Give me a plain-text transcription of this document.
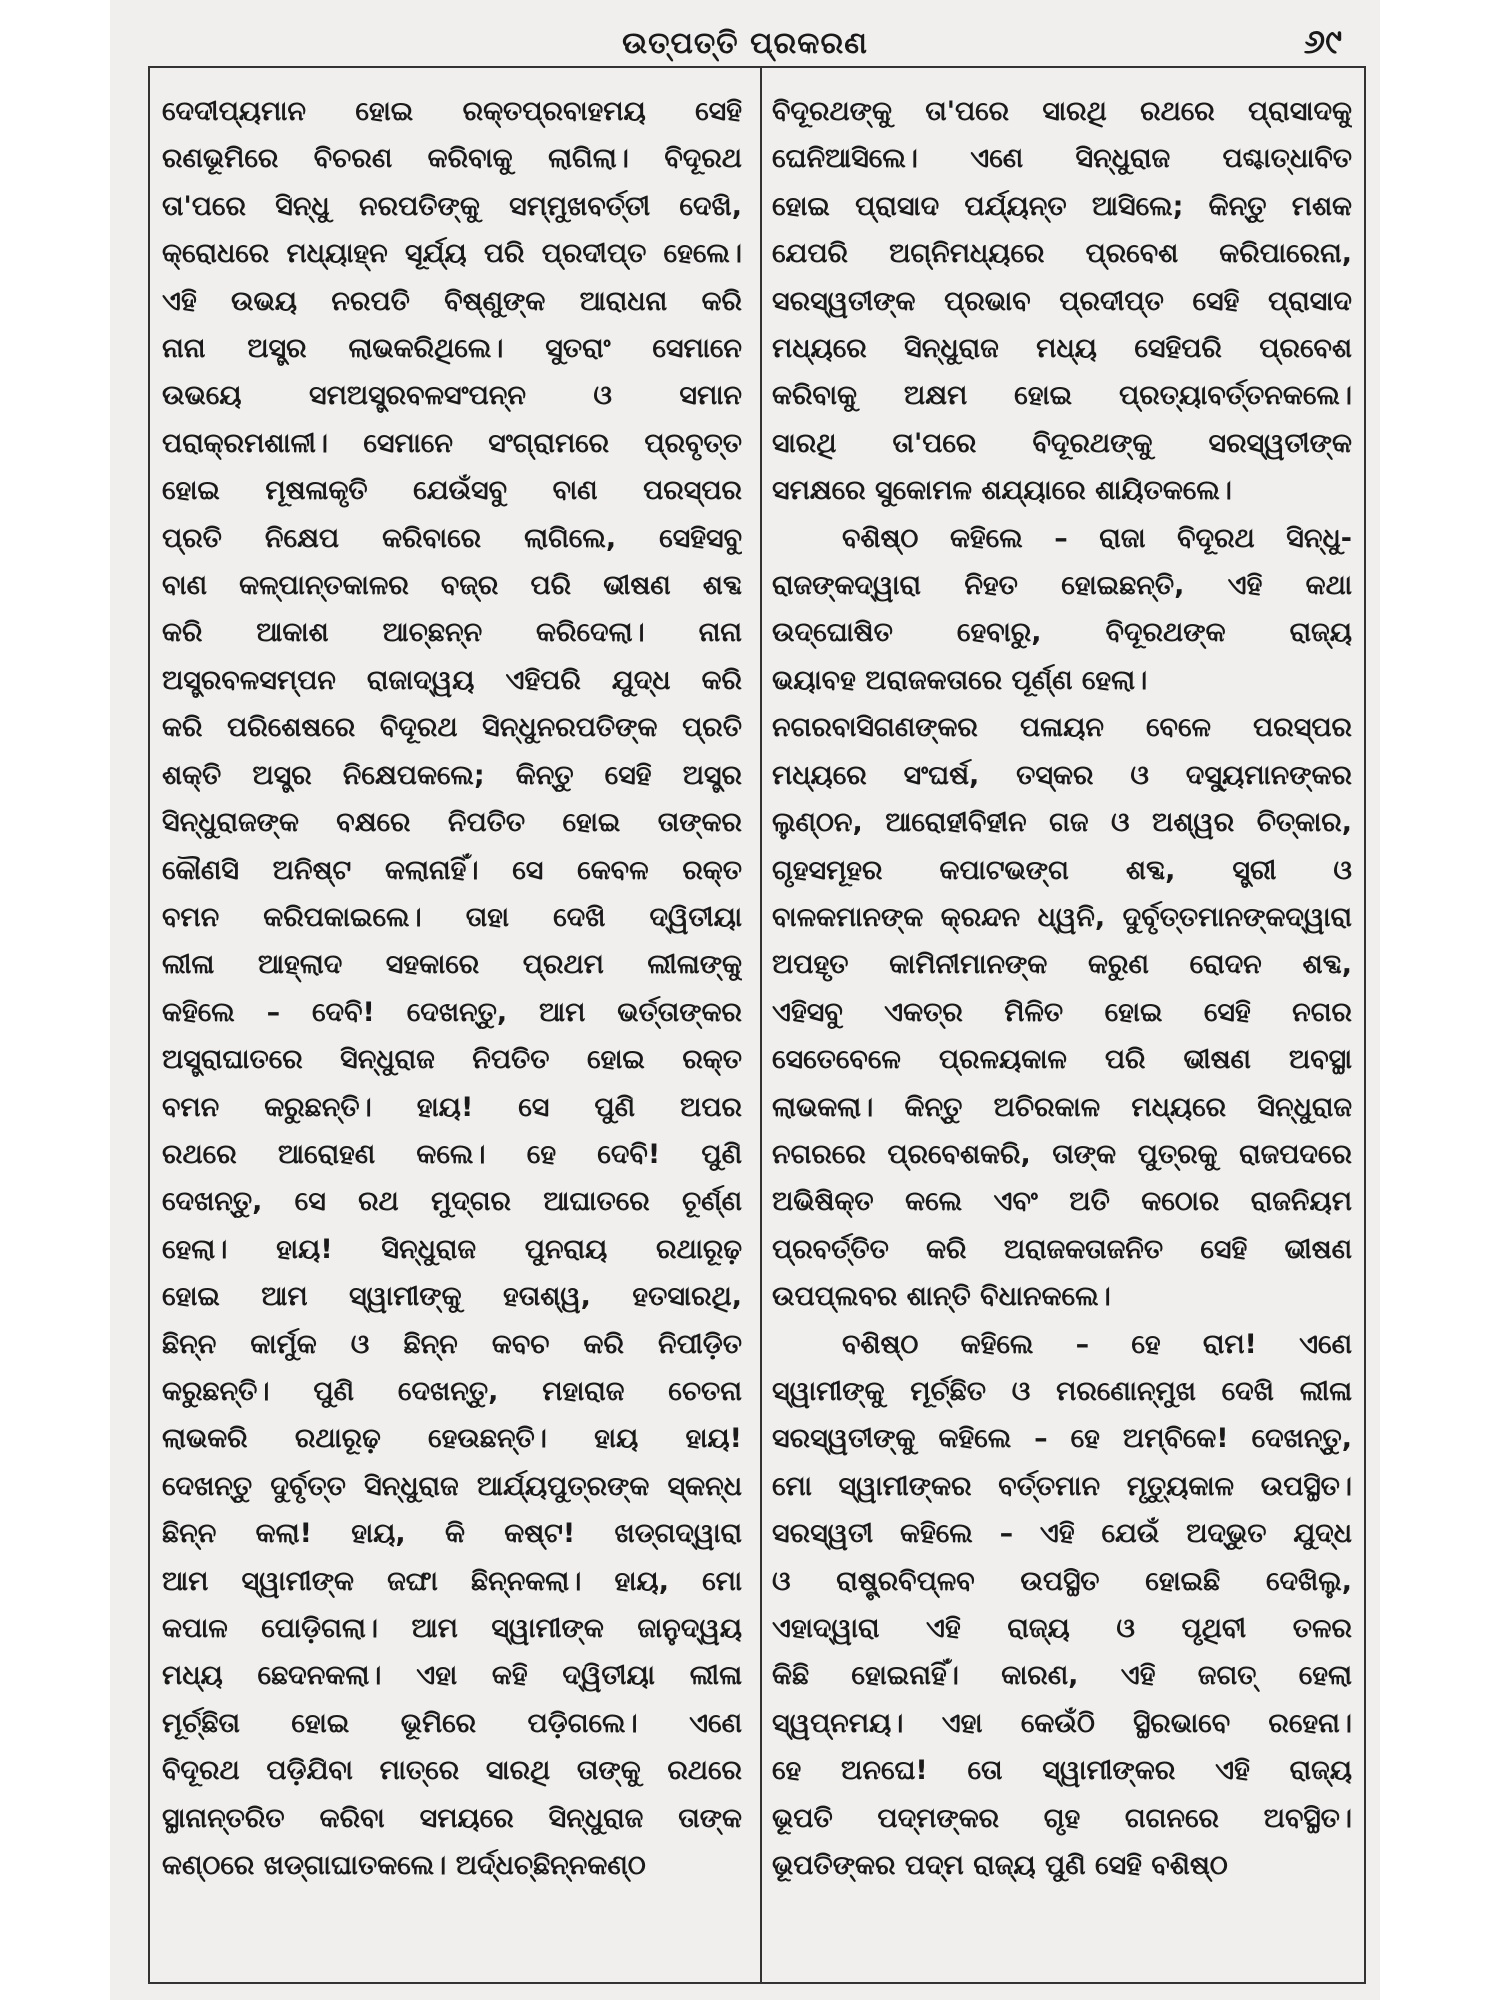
ଉତ୍ପତ୍ତି ପ୍ରକରଣ	୬୯
ଦେଦୀପ୍ୟମାନ ହୋଇ ରକ୍ତପ୍ରବାହମୟ ସେହି
ରଣଭୂମିରେ ବିଚରଣ କରିବାକୁ ଲାଗିଲା। ବିଦୂରଥ
ତା'ପରେ ସିନ୍ଧୁ ନରପତିଙ୍କୁ ସମ୍ମୁଖବର୍ତ୍ତୀ ଦେଖି,
କ୍ରୋଧରେ ମଧ୍ୟାହ୍ନ ସୂର୍ଯ୍ୟ ପରି ପ୍ରଦୀପ୍ତ ହେଲେ।
ଏହି ଉଭୟ ନରପତି ବିଷ୍ଣୁଙ୍କ ଆରାଧନା କରି
ନାନା ଅସ୍ତ୍ର ଲାଭକରିଥିଲେ। ସୁତରାଂ ସେମାନେ
ଉଭୟେ ସମଅସ୍ତ୍ରବଳସଂପନ୍ନ ଓ ସମାନ
ପରାକ୍ରମଶାଳୀ। ସେମାନେ ସଂଗ୍ରାମରେ ପ୍ରବୃତ୍ତ
ହୋଇ ମୂଷଳାକୃତି ଯେଉଁସବୁ ବାଣ ପରସ୍ପର
ପ୍ରତି ନିକ୍ଷେପ କରିବାରେ ଲାଗିଲେ, ସେହିସବୁ
ବାଣ କଳ୍ପାନ୍ତକାଳର ବଜ୍ର ପରି ଭୀଷଣ ଶବ୍ଦ
କରି ଆକାଶ ଆଚ୍ଛନ୍ନ କରିଦେଲା। ନାନା
ଅସ୍ତ୍ରବଳସମ୍ପନ ରାଜାଦ୍ୱୟ ଏହିପରି ଯୁଦ୍ଧ କରି
କରି ପରିଶେଷରେ ବିଦୂରଥ ସିନ୍ଧୁନରପତିଙ୍କ ପ୍ରତି
ଶକ୍ତି ଅସ୍ତ୍ର ନିକ୍ଷେପକଲେ; କିନ୍ତୁ ସେହି ଅସ୍ତ୍ର
ସିନ୍ଧୁରାଜଙ୍କ ବକ୍ଷରେ ନିପତିତ ହୋଇ ତାଙ୍କର
କୌଣସି ଅନିଷ୍ଟ କଲାନାହିଁ। ସେ କେବଳ ରକ୍ତ
ବମନ କରିପକାଇଲେ। ତାହା ଦେଖି ଦ୍ୱିତୀୟା
ଲୀଳା ଆହ୍ଲାଦ ସହକାରେ ପ୍ରଥମ ଲୀଳାଙ୍କୁ
କହିଲେ – ଦେବି! ଦେଖନ୍ତୁ, ଆମ ଭର୍ତ୍ତାଙ୍କର
ଅସ୍ତ୍ରାଘାତରେ ସିନ୍ଧୁରାଜ ନିପତିତ ହୋଇ ରକ୍ତ
ବମନ କରୁଛନ୍ତି। ହାୟ! ସେ ପୁଣି ଅପର
ରଥରେ ଆରୋହଣ କଲେ। ହେ ଦେବି! ପୁଣି
ଦେଖନ୍ତୁ, ସେ ରଥ ମୁଦ୍‌ଗର ଆଘାତରେ ଚୂର୍ଣ୍ଣ
ହେଲା। ହାୟ! ସିନ୍ଧୁରାଜ ପୁନରାୟ ରଥାରୂଢ଼
ହୋଇ ଆମ ସ୍ୱାମୀଙ୍କୁ ହତାଶ୍ୱ, ହତସାରଥି,
ଛିନ୍ନ କାର୍ମୁକ ଓ ଛିନ୍ନ କବଚ କରି ନିପୀଡ଼ିତ
କରୁଛନ୍ତି। ପୁଣି ଦେଖନ୍ତୁ, ମହାରାଜ ଚେତନା
ଲାଭକରି ରଥାରୂଢ଼ ହେଉଛନ୍ତି। ହାୟ ହାୟ!
ଦେଖନ୍ତୁ ଦୁର୍ବୃତ୍ତ ସିନ୍ଧୁରାଜ ଆର୍ଯ୍ୟପୁତ୍ରଙ୍କ ସ୍କନ୍ଧ
ଛିନ୍ନ କଲା! ହାୟ, କି କଷ୍ଟ! ଖଡ୍‌ଗଦ୍ୱାରା
ଆମ ସ୍ୱାମୀଙ୍କ ଜଙ୍ଘା ଛିନ୍ନକଲା। ହାୟ, ମୋ
କପାଳ ପୋଡ଼ିଗଲା। ଆମ ସ୍ୱାମୀଙ୍କ ଜାନୁଦ୍ୱୟ
ମଧ୍ୟ ଛେଦନକଲା। ଏହା କହି ଦ୍ୱିତୀୟା ଲୀଳା
ମୂର୍ଚ୍ଛିତା ହୋଇ ଭୂମିରେ ପଡ଼ିଗଲେ। ଏଣେ
ବିଦୂରଥ ପଡ଼ିଯିବା ମାତ୍ରେ ସାରଥି ତାଙ୍କୁ ରଥରେ
ସ୍ଥାନାନ୍ତରିତ କରିବା ସମୟରେ ସିନ୍ଧୁରାଜ ତାଙ୍କ
କଣ୍ଠରେ ଖଡ୍‌ଗାଘାତକଲେ। ଅର୍ଦ୍ଧଚ୍ଛିନ୍ନକଣ୍ଠ
ବିଦୂରଥଙ୍କୁ ତା'ପରେ ସାରଥି ରଥରେ ପ୍ରାସାଦକୁ
ଘେନିଆସିଲେ। ଏଣେ ସିନ୍ଧୁରାଜ ପଶ୍ଚାତ୍‌ଧାବିତ
ହୋଇ ପ୍ରାସାଦ ପର୍ଯ୍ୟନ୍ତ ଆସିଲେ; କିନ୍ତୁ ମଶକ
ଯେପରି ଅଗ୍ନିମଧ୍ୟରେ ପ୍ରବେଶ କରିପାରେନା,
ସରସ୍ୱତୀଙ୍କ ପ୍ରଭାବ ପ୍ରଦୀପ୍ତ ସେହି ପ୍ରାସାଦ
ମଧ୍ୟରେ ସିନ୍ଧୁରାଜ ମଧ୍ୟ ସେହିପରି ପ୍ରବେଶ
କରିବାକୁ ଅକ୍ଷମ ହୋଇ ପ୍ରତ୍ୟାବର୍ତ୍ତନକଲେ।
ସାରଥି ତା'ପରେ ବିଦୂରଥଙ୍କୁ ସରସ୍ୱତୀଙ୍କ
ସମକ୍ଷରେ ସୁକୋମଳ ଶଯ୍ୟାରେ ଶାୟିତକଲେ।
ବଶିଷ୍ଠ କହିଲେ – ରାଜା ବିଦୂରଥ ସିନ୍ଧୁ-
ରାଜଙ୍କଦ୍ୱାରା ନିହତ ହୋଇଛନ୍ତି, ଏହି କଥା
ଉଦ୍‌ଘୋଷିତ ହେବାରୁ, ବିଦୂରଥଙ୍କ ରାଜ୍ୟ
ଭୟାବହ ଅରାଜକତାରେ ପୂର୍ଣ୍ଣ ହେଲା।
ନଗରବାସିଗଣଙ୍କର ପଳାୟନ ବେଳେ ପରସ୍ପର
ମଧ୍ୟରେ ସଂଘର୍ଷ, ତସ୍କର ଓ ଦସ୍ୟୁମାନଙ୍କର
ଲୁଣ୍ଠନ, ଆରୋହୀବିହୀନ ଗଜ ଓ ଅଶ୍ୱର ଚିତ୍କାର,
ଗୃହସମୂହର କପାଟଭଙ୍ଗ ଶବ୍ଦ, ସ୍ତ୍ରୀ ଓ
ବାଳକମାନଙ୍କ କ୍ରନ୍ଦନ ଧ୍ୱନି, ଦୁର୍ବୃତ୍ତମାନଙ୍କଦ୍ୱାରା
ଅପହୃତ କାମିନୀମାନଙ୍କ କରୁଣ ରୋଦନ ଶବ୍ଦ,
ଏହିସବୁ ଏକତ୍ର ମିଳିତ ହୋଇ ସେହି ନଗର
ସେତେବେଳେ ପ୍ରଳୟକାଳ ପରି ଭୀଷଣ ଅବସ୍ଥା
ଲାଭକଲା। କିନ୍ତୁ ଅଚିରକାଳ ମଧ୍ୟରେ ସିନ୍ଧୁରାଜ
ନଗରରେ ପ୍ରବେଶକରି, ତାଙ୍କ ପୁତ୍ରକୁ ରାଜପଦରେ
ଅଭିଷିକ୍ତ କଲେ ଏବଂ ଅତି କଠୋର ରାଜନିୟମ
ପ୍ରବର୍ତ୍ତିତ କରି ଅରାଜକତାଜନିତ ସେହି ଭୀଷଣ
ଉପପ୍ଲବର ଶାନ୍ତି ବିଧାନକଲେ।
ବଶିଷ୍ଠ କହିଲେ – ହେ ରାମ! ଏଣେ
ସ୍ୱାମୀଙ୍କୁ ମୂର୍ଚ୍ଛିତ ଓ ମରଣୋନ୍ମୁଖ ଦେଖି ଲୀଳା
ସରସ୍ୱତୀଙ୍କୁ କହିଲେ – ହେ ଅମ୍ବିକେ! ଦେଖନ୍ତୁ,
ମୋ ସ୍ୱାମୀଙ୍କର ବର୍ତ୍ତମାନ ମୃତ୍ୟୁକାଳ ଉପସ୍ଥିତ।
ସରସ୍ୱତୀ କହିଲେ – ଏହି ଯେଉଁ ଅଦ୍ଭୁତ ଯୁଦ୍ଧ
ଓ ରାଷ୍ଟ୍ରବିପ୍ଳବ ଉପସ୍ଥିତ ହୋଇଛି ଦେଖିଲୁ,
ଏହାଦ୍ୱାରା ଏହି ରାଜ୍ୟ ଓ ପୃଥିବୀ ତଳର
କିଛି ହୋଇନାହିଁ। କାରଣ, ଏହି ଜଗତ୍ ହେଲା
ସ୍ୱପ୍ନମୟ। ଏହା କେଉଁଠି ସ୍ଥିରଭାବେ ରହେନା।
ହେ ଅନଘେ! ତୋ ସ୍ୱାମୀଙ୍କର ଏହି ରାଜ୍ୟ
ଭୂପତି ପଦ୍ମଙ୍କର ଗୃହ ଗଗନରେ ଅବସ୍ଥିତ।
ଭୂପତିଙ୍କର ପଦ୍ମ ରାଜ୍ୟ ପୁଣି ସେହି ବଶିଷ୍ଠ
